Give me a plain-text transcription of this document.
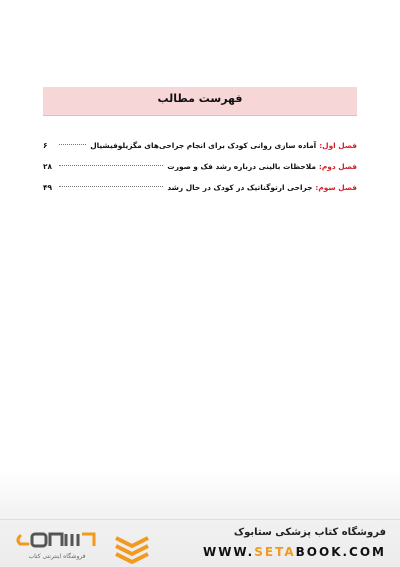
فهرست مطالب
فصل اول
:
آماده سازی روانی کودک برای انجام جراحی‌های مگزیلوفیشیال
۶
فصل دوم
:
ملاحظات بالینی درباره رشد فک و صورت
۲۸
فصل سوم
:
جراحی ارتوگناتیک در کودک در حال رشد
۴۹
فروشگاه کتاب پزشکی ستابوک
WWW.SETABOOK.COM
فروشگاه اینترنتی کتاب
